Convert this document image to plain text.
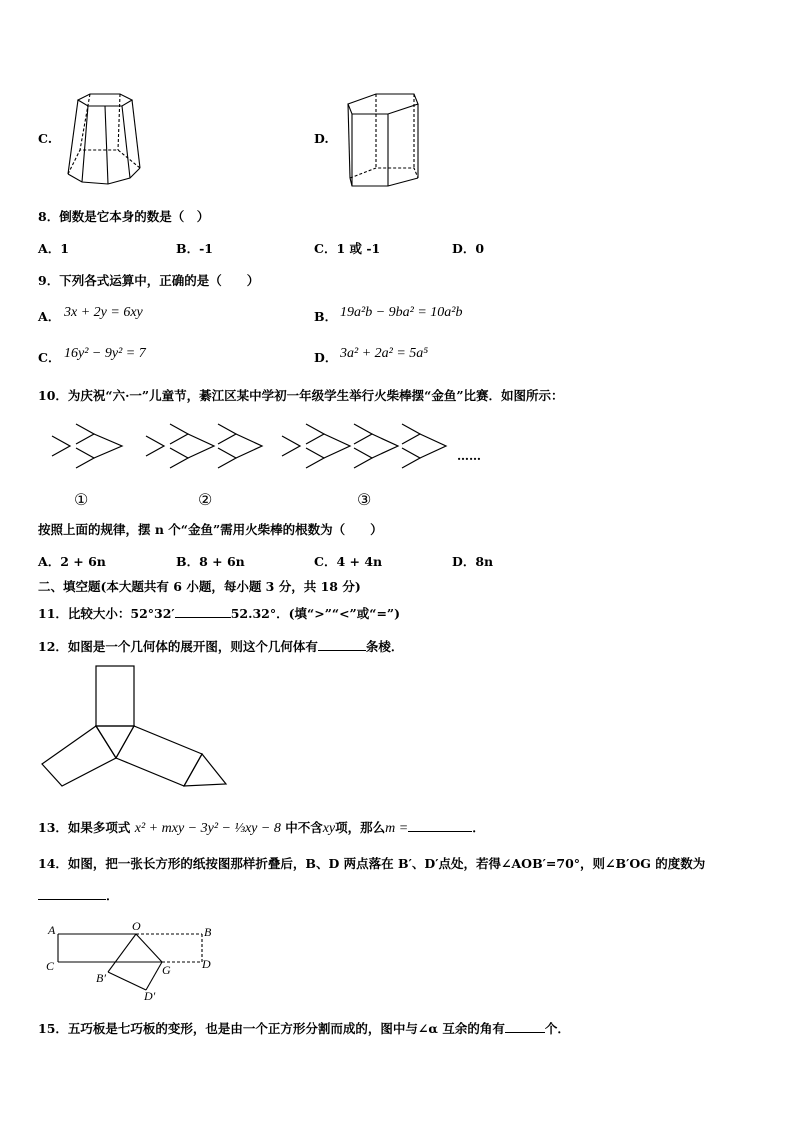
C.	D.
8．倒数是它本身的数是（　）
A．1	B．-1	C．1 或 -1	D．0
9．下列各式运算中，正确的是（　　）
A． 3x + 2y = 6xy	B． 19a²b − 9ba² = 10a²b
C． 16y² − 9y² = 7	D． 3a² + 2a² = 5a⁵
10．为庆祝“六·一”儿童节，綦江区某中学初一年级学生举行火柴棒摆“金鱼”比赛．如图所示：
……
①	②	③
按照上面的规律，摆 n 个“金鱼”需用火柴棒的根数为（　　）
A．2 + 6n	B．8 + 6n	C．4 + 4n	D．8n
二、填空题(本大题共有 6 小题，每小题 3 分，共 18 分)
11．比较大小：52°32′	52.32°．(填“>”“<”或“=”)
12．如图是一个几何体的展开图，则这个几何体有	条棱．
13．如果多项式 x² + mxy − 3y² − ⅓xy − 8 中不含xy项，那么m =	．
14．如图，把一张长方形的纸按图那样折叠后，B、D 两点落在 B′、D′点处，若得∠AOB′=70°，则∠B′OG 的度数为
．
A	O	B
C	G	D
B′
D′
15．五巧板是七巧板的变形，也是由一个正方形分割而成的，图中与∠α 互余的角有	个．
